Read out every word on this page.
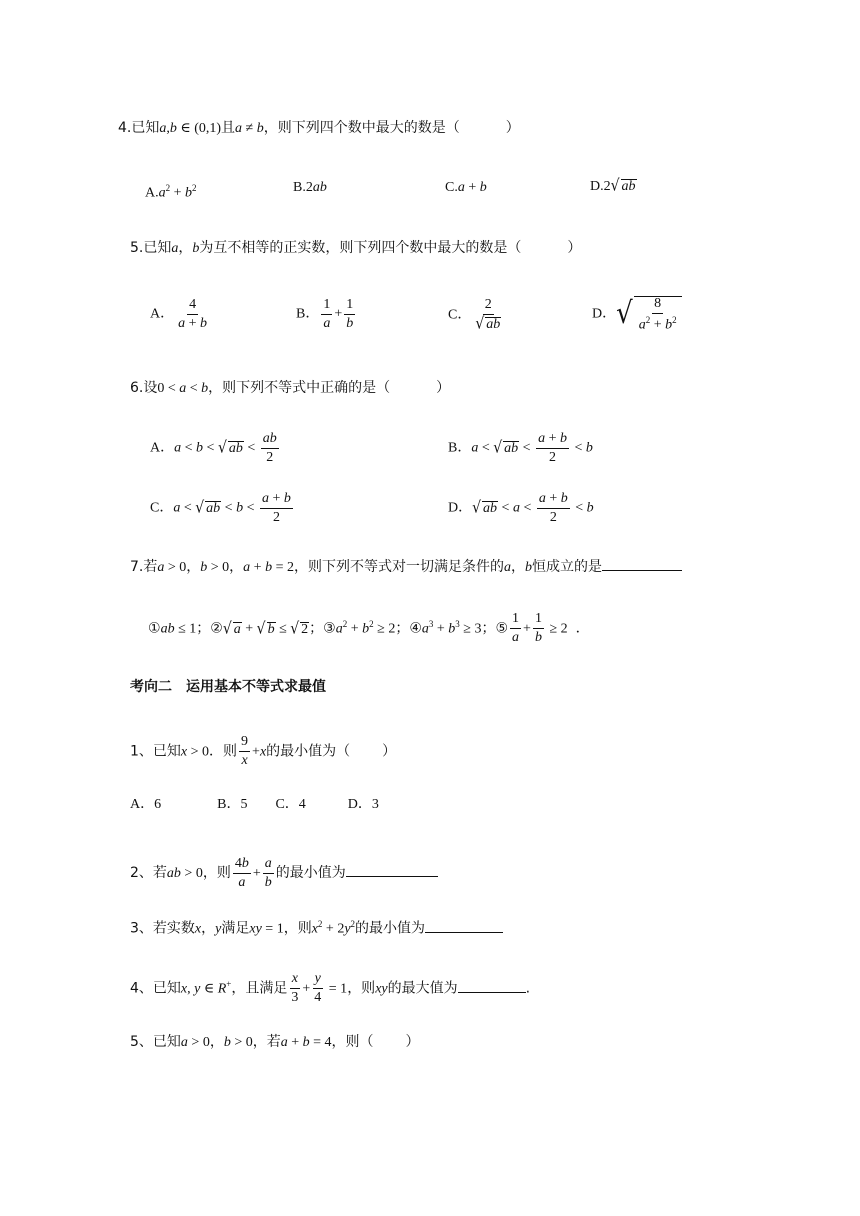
4.已知a,b ∈ (0,1)且a ≠ b，则下列四个数中最大的数是（	）
$A.a^2 + b^2$	B.2ab	C.a + b	D.2√ ab
5.已知a，b为互不相等的正实数，则下列四个数中最大的数是（	）
A． $\frac{4}{a + b}$	B． $\frac{1}{a} + \frac{1}{b}$	C． $\frac{2}{√ ab}$	D．√ $\frac{8}{a^2 + b^2}$
6.设0 < a < b，则下列不等式中正确的是（	）
A．a < b < √ ab < $\frac{ab}{2}$	B．a < √ ab < $\frac{a + b}{2} < b$
C．a < √ ab < $b < \frac{a + b}{2}$	D．√ ab < $a < \frac{a + b}{2} < b$
7.若a > 0，b > 0，a + b = 2，则下列不等式对一切满足条件的a，b恒成立的是
①ab ≤ 1；②√ a + √ b ≤ √ 2；$③a^2 + b^2 \ge 2$；$④a^3 + b^3 \ge 3$；⑤ $\frac{1}{a} + \frac{1}{b} \ge 2$ ．
考向二　运用基本不等式求最值
1、已知x > 0．则 $\frac{9}{x} +x$的最小值为（ ）
A．6　　　　B．5　　C．4　　　D．3
2、若ab > 0，则 $\frac{4b}{a} + \frac{a}{b}$ 的最小值为
3、若实数x，y满足xy = 1，则$x^2 + 2y^2$的最小值为
4、已知x, y ∈ R+，且满足 $\frac{x}{3} + \frac{y}{4} = 1$，则xy的最大值为	.
5、已知a > 0，b > 0，若a + b = 4，则（ ）
